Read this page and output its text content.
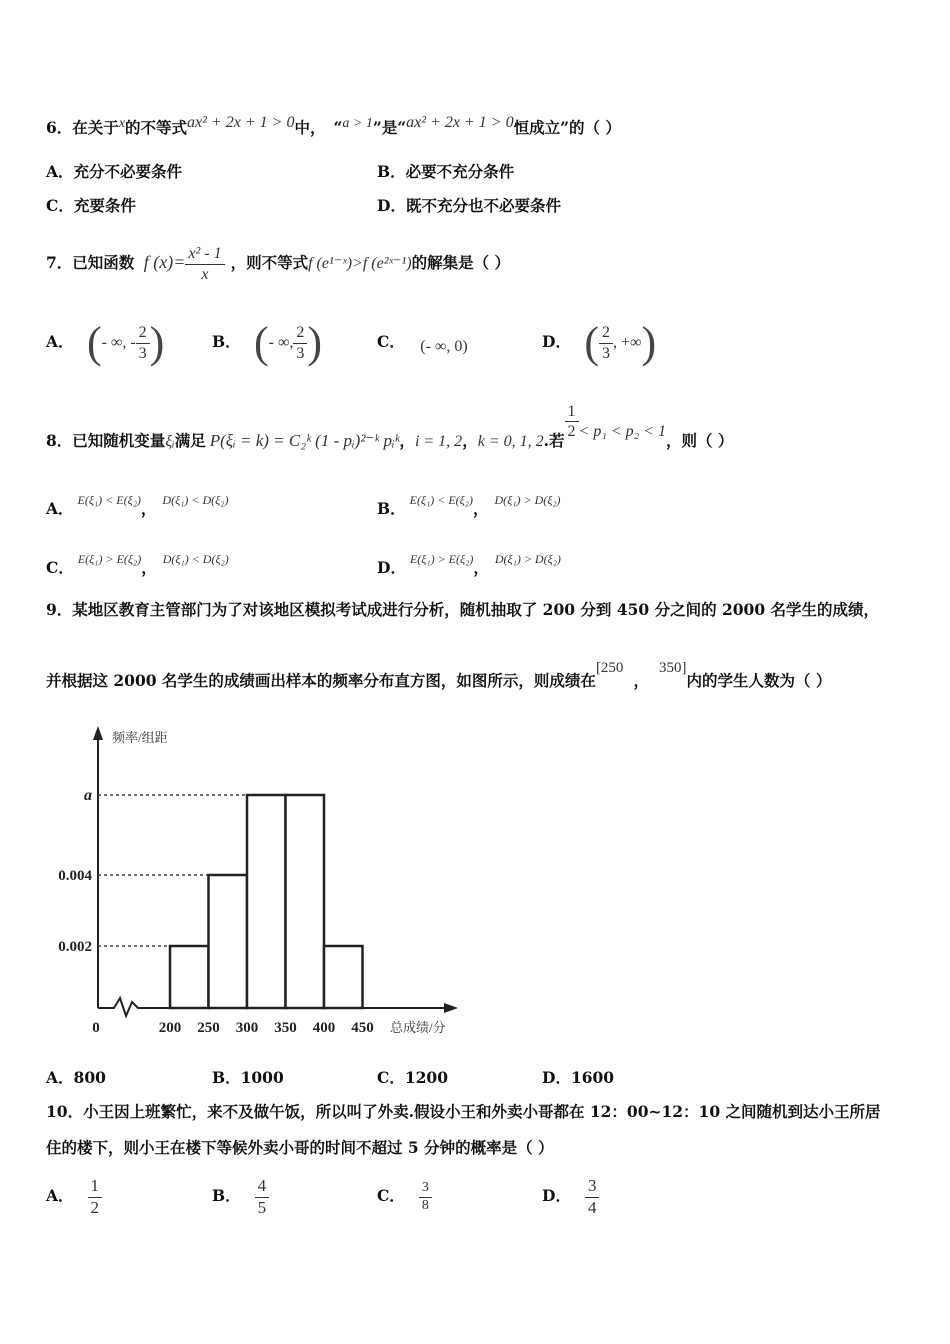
6．在关于$^x$的不等式ax² + 2x + 1 > 0中， “a > 1”是“ax² + 2x + 1 > 0恒成立”的（ ）
A．充分不必要条件	B．必要不充分条件
C．充要条件	D．既不充分也不必要条件
7．已知函数 f $(x)= \frac{\text{x² - 1}}{x}$ ，则不等式f (e¹⁻ˣ)>f (e²ˣ⁻¹)的解集是（ ）
A． (- ∞, - $\frac{2}{3}$ )	B． (- ∞, $\frac{2}{3}$ )	C． (- ∞, 0)	D． ( $\frac{2}{3}$ , +∞)
8．已知随机变量ξᵢ满足 P(ξᵢ = k) = C₂ᵏ (1 - pᵢ)²⁻ᵏ pᵢᵏ，i = 1, 2，k = 0, 1, 2.若 $\frac{1}{2} < p_1 < p_2 < 1$，则（ ）
A． $^{E(\xi_1) < E(\xi_2)}$， $^{D(\xi_1) < D(\xi_2)}$	B． $^{E(\xi_1) < E(\xi_2)}$， $^{D(\xi_1) > D(\xi_2)}$
C． $^{E(\xi_1) > E(\xi_2)}$， $^{D(\xi_1) < D(\xi_2)}$	D． $^{E(\xi_1) > E(\xi_2)}$， $^{D(\xi_1) > D(\xi_2)}$
9．某地区教育主管部门为了对该地区模拟考试成进行分析，随机抽取了 200 分到 450 分之间的 2000 名学生的成绩，
并根据这 2000 名学生的成绩画出样本的频率分布直方图，如图所示，则成绩在[250，350]内的学生人数为（ ）
频率/组距
总成绩/分
0
0.002
0.004
a
200 250 300 350 400 450
A．800	B．1000	C．1200	D．1600
10．小王因上班繁忙，来不及做午饭，所以叫了外卖.假设小王和外卖小哥都在 12：00~12：10 之间随机到达小王所居
住的楼下，则小王在楼下等候外卖小哥的时间不超过 5 分钟的概率是（ ）
A． $\frac{1}{2}$	B． $\frac{4}{5}$	C． $\frac{3}{8}$	D． $\frac{3}{4}$
